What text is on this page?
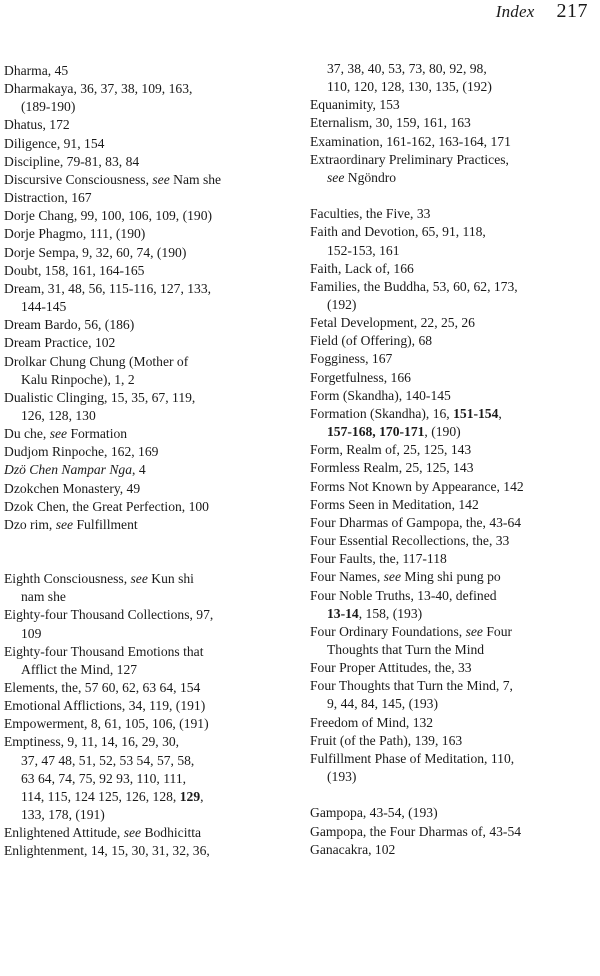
Index 217
Dharma, 45
Dharmakaya, 36, 37, 38, 109, 163,
(189-190)
Dhatus, 172
Diligence, 91, 154
Discipline, 79-81, 83, 84
Discursive Consciousness, see Nam she
Distraction, 167
Dorje Chang, 99, 100, 106, 109, (190)
Dorje Phagmo, 111, (190)
Dorje Sempa, 9, 32, 60, 74, (190)
Doubt, 158, 161, 164-165
Dream, 31, 48, 56, 115-116, 127, 133,
144-145
Dream Bardo, 56, (186)
Dream Practice, 102
Drolkar Chung Chung (Mother of
Kalu Rinpoche), 1, 2
Dualistic Clinging, 15, 35, 67, 119,
126, 128, 130
Du che, see Formation
Dudjom Rinpoche, 162, 169
Dzö Chen Nampar Nga, 4
Dzokchen Monastery, 49
Dzok Chen, the Great Perfection, 100
Dzo rim, see Fulfillment
Eighth Consciousness, see Kun shi
nam she
Eighty-four Thousand Collections, 97,
109
Eighty-four Thousand Emotions that
Afflict the Mind, 127
Elements, the, 57 60, 62, 63 64, 154
Emotional Afflictions, 34, 119, (191)
Empowerment, 8, 61, 105, 106, (191)
Emptiness, 9, 11, 14, 16, 29, 30,
37, 47 48, 51, 52, 53 54, 57, 58,
63 64, 74, 75, 92 93, 110, 111,
114, 115, 124 125, 126, 128, 129,
133, 178, (191)
Enlightened Attitude, see Bodhicitta
Enlightenment, 14, 15, 30, 31, 32, 36,
37, 38, 40, 53, 73, 80, 92, 98,
110, 120, 128, 130, 135, (192)
Equanimity, 153
Eternalism, 30, 159, 161, 163
Examination, 161-162, 163-164, 171
Extraordinary Preliminary Practices,
see Ngöndro
Faculties, the Five, 33
Faith and Devotion, 65, 91, 118,
152-153, 161
Faith, Lack of, 166
Families, the Buddha, 53, 60, 62, 173,
(192)
Fetal Development, 22, 25, 26
Field (of Offering), 68
Fogginess, 167
Forgetfulness, 166
Form (Skandha), 140-145
Formation (Skandha), 16, 151-154,
157-168, 170-171, (190)
Form, Realm of, 25, 125, 143
Formless Realm, 25, 125, 143
Forms Not Known by Appearance, 142
Forms Seen in Meditation, 142
Four Dharmas of Gampopa, the, 43-64
Four Essential Recollections, the, 33
Four Faults, the, 117-118
Four Names, see Ming shi pung po
Four Noble Truths, 13-40, defined
13-14, 158, (193)
Four Ordinary Foundations, see Four
Thoughts that Turn the Mind
Four Proper Attitudes, the, 33
Four Thoughts that Turn the Mind, 7,
9, 44, 84, 145, (193)
Freedom of Mind, 132
Fruit (of the Path), 139, 163
Fulfillment Phase of Meditation, 110,
(193)
Gampopa, 43-54, (193)
Gampopa, the Four Dharmas of, 43-54
Ganacakra, 102
